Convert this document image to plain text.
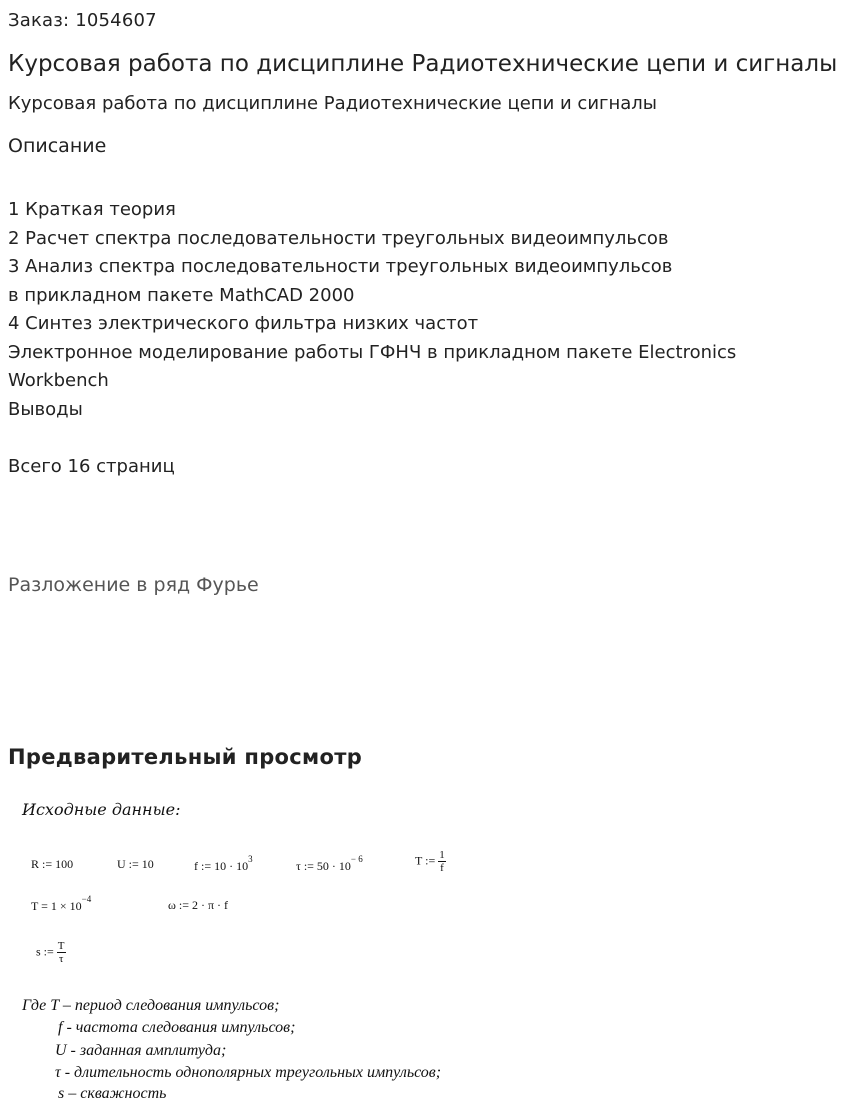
Заказ: 1054607
Курсовая работа по дисциплине Радиотехнические цепи и сигналы
Курсовая работа по дисциплине Радиотехнические цепи и сигналы
Описание
1 Краткая теория
2 Расчет спектра последовательности треугольных видеоимпульсов
3 Анализ спектра последовательности треугольных видеоимпульсов
в прикладном пакете MathCAD 2000
4 Синтез электрического фильтра низких частот
Электронное моделирование работы ГФНЧ в прикладном пакете Electronics
Workbench
Выводы
Всего 16 страниц
Разложение в ряд Фурье
Предварительный просмотр
Исходные данные:
R := 100	U := 10	f := $10 \cdot 10^3$	τ := $50 \cdot 10^{- 6}$	T := $\frac{1}{f}$
$T = 1 \times 10^{-4}$	ω := 2 · π · f
s := $\frac{T}{\tau}$
Где T – период следования импульсов;
f - частота следования импульсов;
U - заданная амплитуда;
τ - длительность однополярных треугольных импульсов;
s – скважность
